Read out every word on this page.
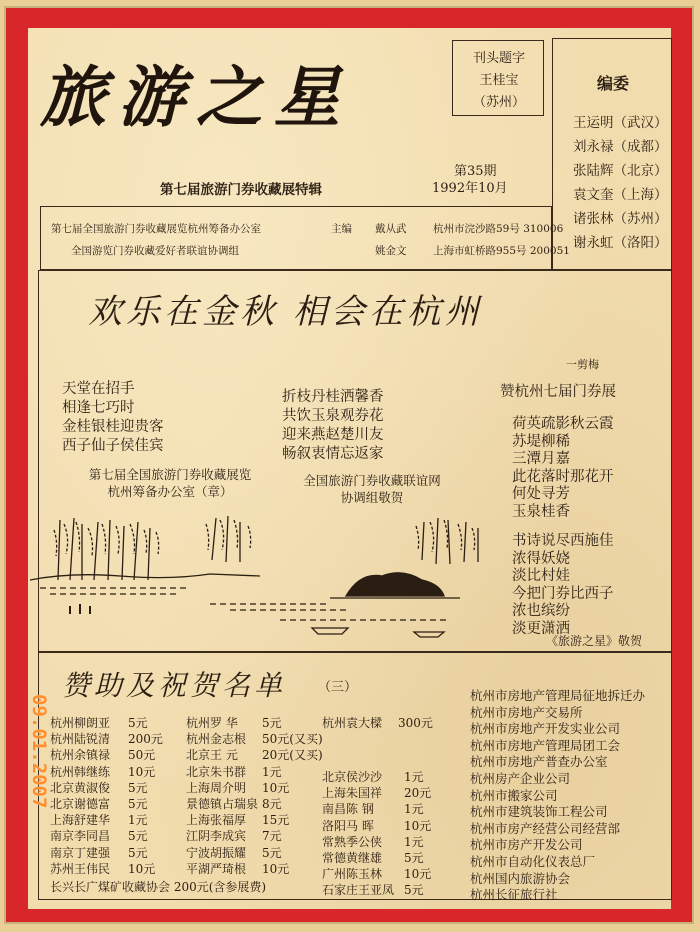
旅游之星	刊头题字
王桂宝
（苏州）
编委
王运明（武汉）
刘永禄（成都）
张陆辉（北京）
袁文奎（上海）
诸张林（苏州）
谢永虹（洛阳）
第七届旅游门券收藏展特辑
第35期
1992年10月
第七届全国旅游门券收藏展览杭州筹备办公室
全国游览门券收藏爱好者联谊协调组
主编 戴从武
姚金文
杭州市浣沙路59号 310006
上海市虹桥路955号 200051
欢乐在金秋 相会在杭州
天堂在招手
相逢七巧时
金桂银桂迎贵客
西子仙子侯佳宾
第七届全国旅游门券收藏展览
杭州筹备办公室（章）
折枝丹桂洒馨香
共饮玉泉观券花
迎来燕赵楚川友
畅叙衷情忘返家
全国旅游门券收藏联谊网
协调组敬贺
一剪梅
赞杭州七届门券展
荷英疏影秋云霞
苏堤柳稀
三潭月嘉
此花落时那花开
何处寻芳
玉泉桂香
书诗说尽西施佳
浓得妖娆
淡比村娃
今把门券比西子
浓也缤纷
淡更潇洒
《旅游之星》敬贺
赞助及祝贺名单 （三）
杭州袁大樑 300元
长兴长广煤矿收藏协会 200元(含参展费)
09.01.2007 杭州柳朗亚 5元
杭州陆锐清 200元
杭州余镇禄 50元
杭州韩继练 10元
北京黄淑俊 5元
北京谢德富 5元
上海舒建华 1元
南京李同昌 5元
南京丁建强 5元
苏州王伟民 10元
杭州罗 华 5元
杭州金志根 50元(又买)
北京王 元 20元(又买)
北京朱书群 1元
上海周介明 10元
景德镇占瑞泉 8元
上海张福厚 15元
江阴李成宾 7元
宁波胡振耀 5元
平湖严琦根 10元
北京侯沙沙 1元
上海朱国祥 20元
南昌陈 钢	1元
洛阳马 晖	10元
常熟季公侠 1元
常德黄继雄 5元
广州陈玉林 10元
石家庄王亚凤 5元
杭州市房地产管理局征地拆迁办
杭州市房地产交易所
杭州市房地产开发实业公司
杭州市房地产管理局团工会
杭州市房地产普查办公室
杭州房产企业公司
杭州市搬家公司
杭州市建筑装饰工程公司
杭州市房产经营公司经营部
杭州市房产开发公司
杭州市自动化仪表总厂
杭州国内旅游协会
杭州长征旅行社
